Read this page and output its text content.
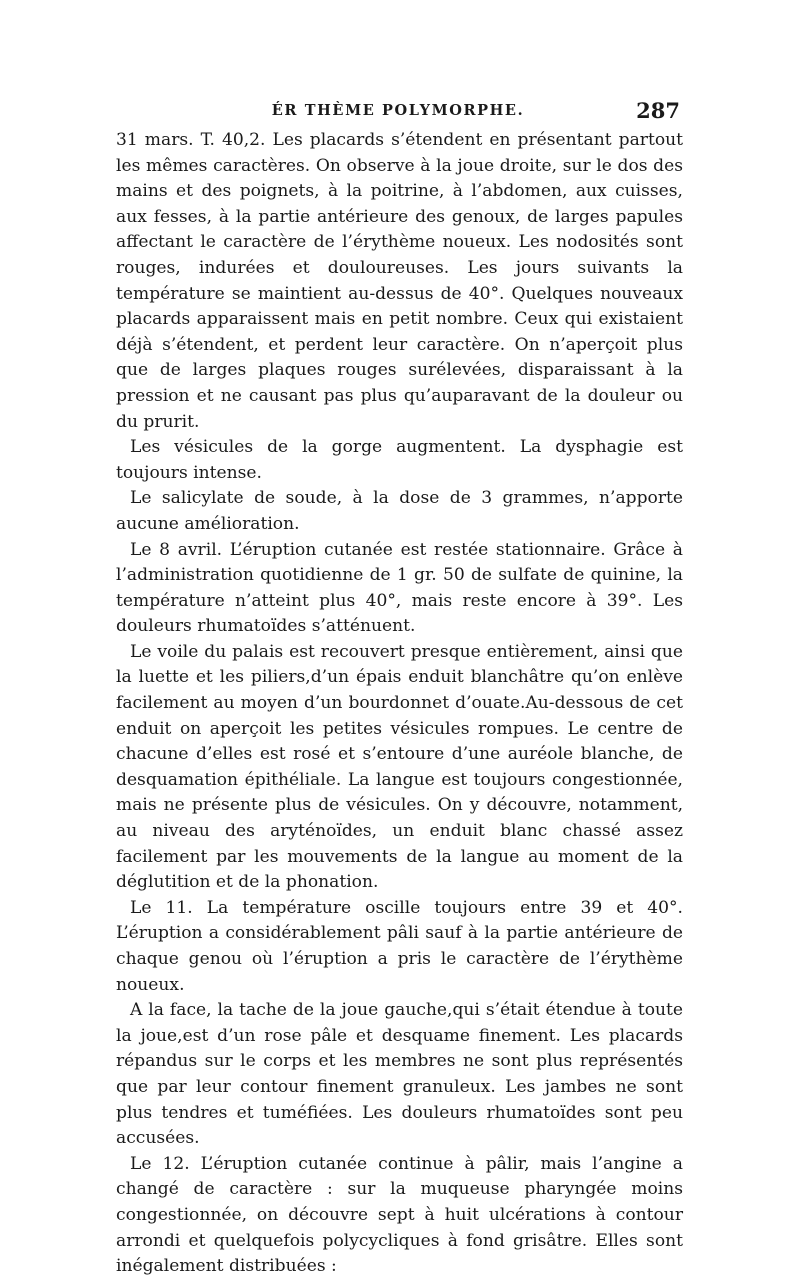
ÉR THÈME POLYMORPHE.	287

31 mars. T. 40,2. Les placards s’étendent en présentant partout les mêmes caractères. On observe à la joue droite, sur le dos des mains et des poignets, à la poitrine, à l’abdomen, aux cuisses, aux fesses, à la partie antérieure des genoux, de larges papules affectant le caractère de l’érythème noueux. Les nodosités sont rouges, indurées et douloureuses. Les jours suivants la température se maintient au-dessus de 40°. Quelques nouveaux placards apparaissent mais en petit nombre. Ceux qui existaient déjà s’étendent, et perdent leur caractère. On n’aperçoit plus que de larges plaques rouges surélevées, disparaissant à la pression et ne causant pas plus qu’auparavant de la douleur ou du prurit.

Les vésicules de la gorge augmentent. La dysphagie est toujours intense.

Le salicylate de soude, à la dose de 3 grammes, n’apporte aucune amélioration.

Le 8 avril. L’éruption cutanée est restée stationnaire. Grâce à l’administration quotidienne de 1 gr. 50 de sulfate de quinine, la température n’atteint plus 40°, mais reste encore à 39°. Les douleurs rhumatoïdes s’atténuent.

Le voile du palais est recouvert presque entièrement, ainsi que la luette et les piliers,d’un épais enduit blanchâtre qu’on enlève facilement au moyen d’un bourdonnet d’ouate.Au-dessous de cet enduit on aperçoit les petites vésicules rompues. Le centre de chacune d’elles est rosé et s’entoure d’une auréole blanche, de desquamation épithéliale. La langue est toujours congestionnée, mais ne présente plus de vésicules. On y découvre, notamment, au niveau des aryténoïdes, un enduit blanc chassé assez facilement par les mouvements de la langue au moment de la déglutition et de la phonation.

Le 11. La température oscille toujours entre 39 et 40°. L’éruption a considérablement pâli sauf à la partie antérieure de chaque genou où l’éruption a pris le caractère de l’érythème noueux.

A la face, la tache de la joue gauche,qui s’était étendue à toute la joue,est d’un rose pâle et desquame finement. Les placards répandus sur le corps et les membres ne sont plus représentés que par leur contour finement granuleux. Les jambes ne sont plus tendres et tuméfiées. Les douleurs rhumatoïdes sont peu accusées.

Le 12. L’éruption cutanée continue à pâlir, mais l’angine a changé de caractère : sur la muqueuse pharyngée moins congestionnée, on découvre sept à huit ulcérations à contour arrondi et quelquefois polycycliques à fond grisâtre. Elles sont inégalement distribuées :
